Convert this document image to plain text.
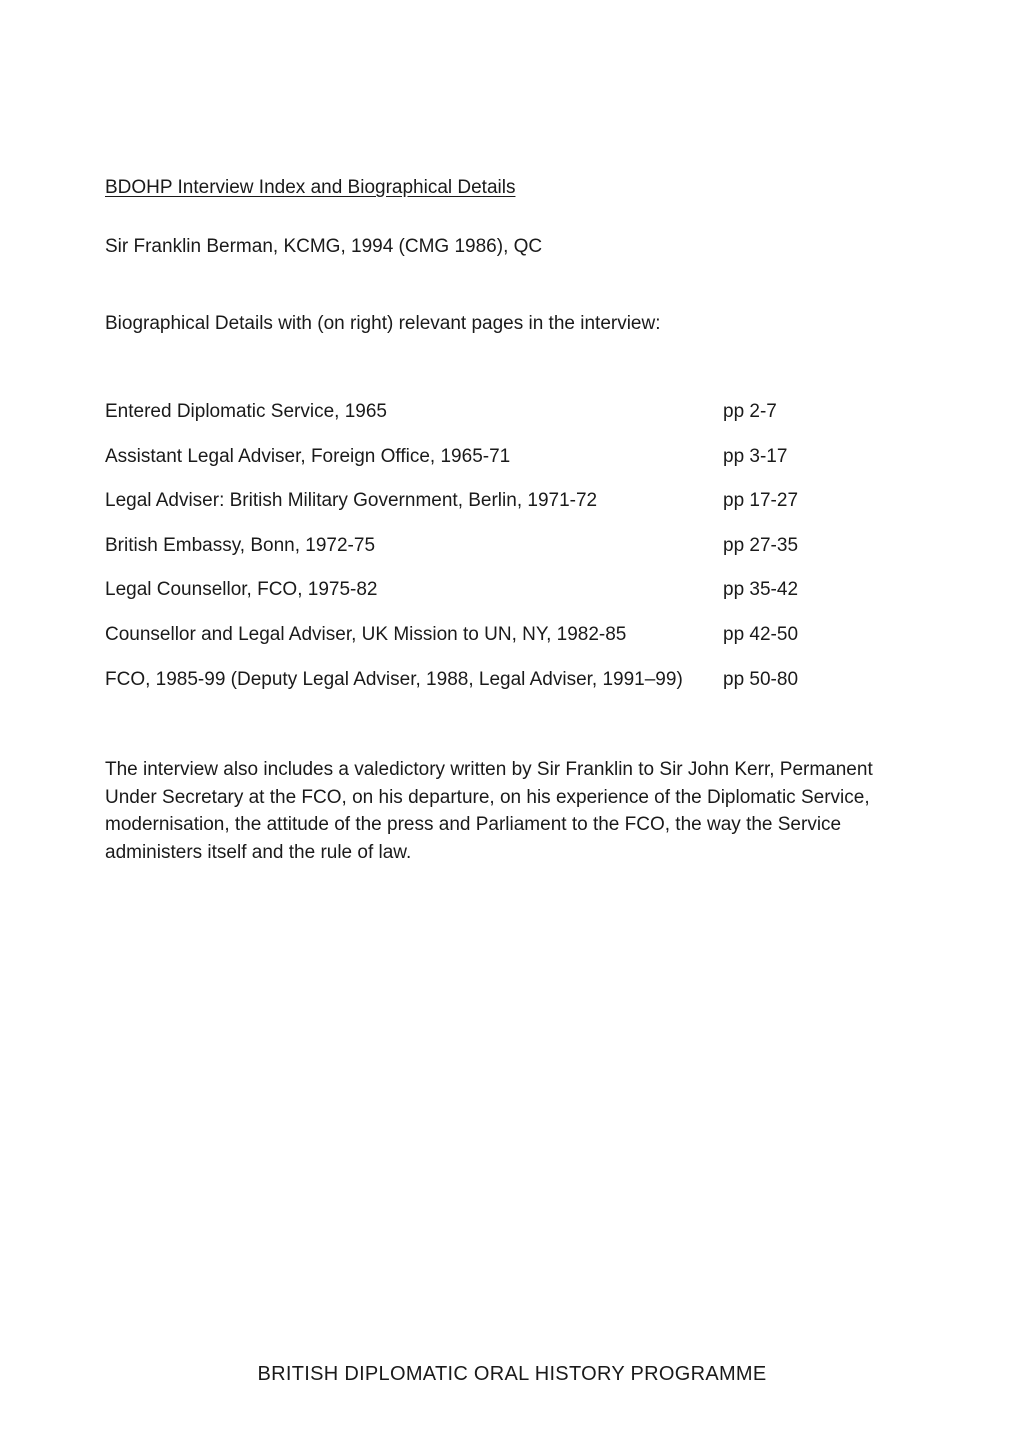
BDOHP Interview Index and Biographical Details

Sir Franklin Berman, KCMG, 1994 (CMG 1986), QC

Biographical Details with (on right) relevant pages in the interview:

Entered Diplomatic Service, 1965	pp 2-7
Assistant Legal Adviser, Foreign Office, 1965-71	pp 3-17
Legal Adviser: British Military Government, Berlin, 1971-72	pp 17-27
British Embassy, Bonn, 1972-75	pp 27-35
Legal Counsellor, FCO, 1975-82	pp 35-42
Counsellor and Legal Adviser, UK Mission to UN, NY, 1982-85	pp 42-50
FCO, 1985-99 (Deputy Legal Adviser, 1988, Legal Adviser, 1991–99) pp 50-80

The interview also includes a valedictory written by Sir Franklin to Sir John Kerr, Permanent Under Secretary at the FCO, on his departure, on his experience of the Diplomatic Service, modernisation, the attitude of the press and Parliament to the FCO, the way the Service administers itself and the rule of law.

BRITISH DIPLOMATIC ORAL HISTORY PROGRAMME
